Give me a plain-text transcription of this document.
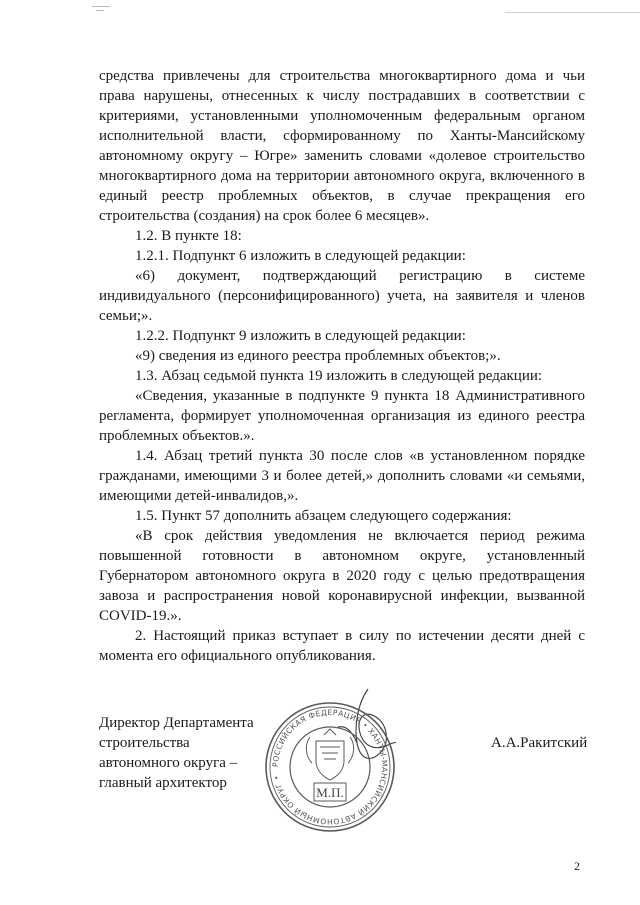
средства привлечены для строительства многоквартирного дома и чьи права нарушены, отнесенных к числу пострадавших в соответствии с критериями, установленными уполномоченным федеральным органом исполнительной власти, сформированному по Ханты-Мансийскому автономному округу – Югре» заменить словами «долевое строительство многоквартирного дома на территории автономного округа, включенного в единый реестр проблемных объектов, в случае прекращения его строительства (создания) на срок более 6 месяцев».

1.2. В пункте 18:

1.2.1. Подпункт 6 изложить в следующей редакции:

«6) документ, подтверждающий регистрацию в системе индивидуального (персонифицированного) учета, на заявителя и членов семьи;».

1.2.2. Подпункт 9 изложить в следующей редакции:

«9) сведения из единого реестра проблемных объектов;».

1.3. Абзац седьмой пункта 19 изложить в следующей редакции:

«Сведения, указанные в подпункте 9 пункта 18 Административного регламента, формирует уполномоченная организация из единого реестра проблемных объектов.».

1.4. Абзац третий пункта 30 после слов «в установленном порядке гражданами, имеющими 3 и более детей,» дополнить словами «и семьями, имеющими детей-инвалидов,».

1.5. Пункт 57 дополнить абзацем следующего содержания:

«В срок действия уведомления не включается период режима повышенной готовности в автономном округе, установленный Губернатором автономного округа в 2020 году с целью предотвращения завоза и распространения новой коронавирусной инфекции, вызванной COVID-19.».

2. Настоящий приказ вступает в силу по истечении десяти дней с момента его официального опубликования.

Директор Департамента
строительства
автономного округа –
главный архитектор
РОССИЙСКАЯ ФЕДЕРАЦИЯ • ХАНТЫ-МАНСИЙСКИЙ АВТОНОМНЫЙ ОКРУГ •
М.П.
А.А.Ракитский
2
